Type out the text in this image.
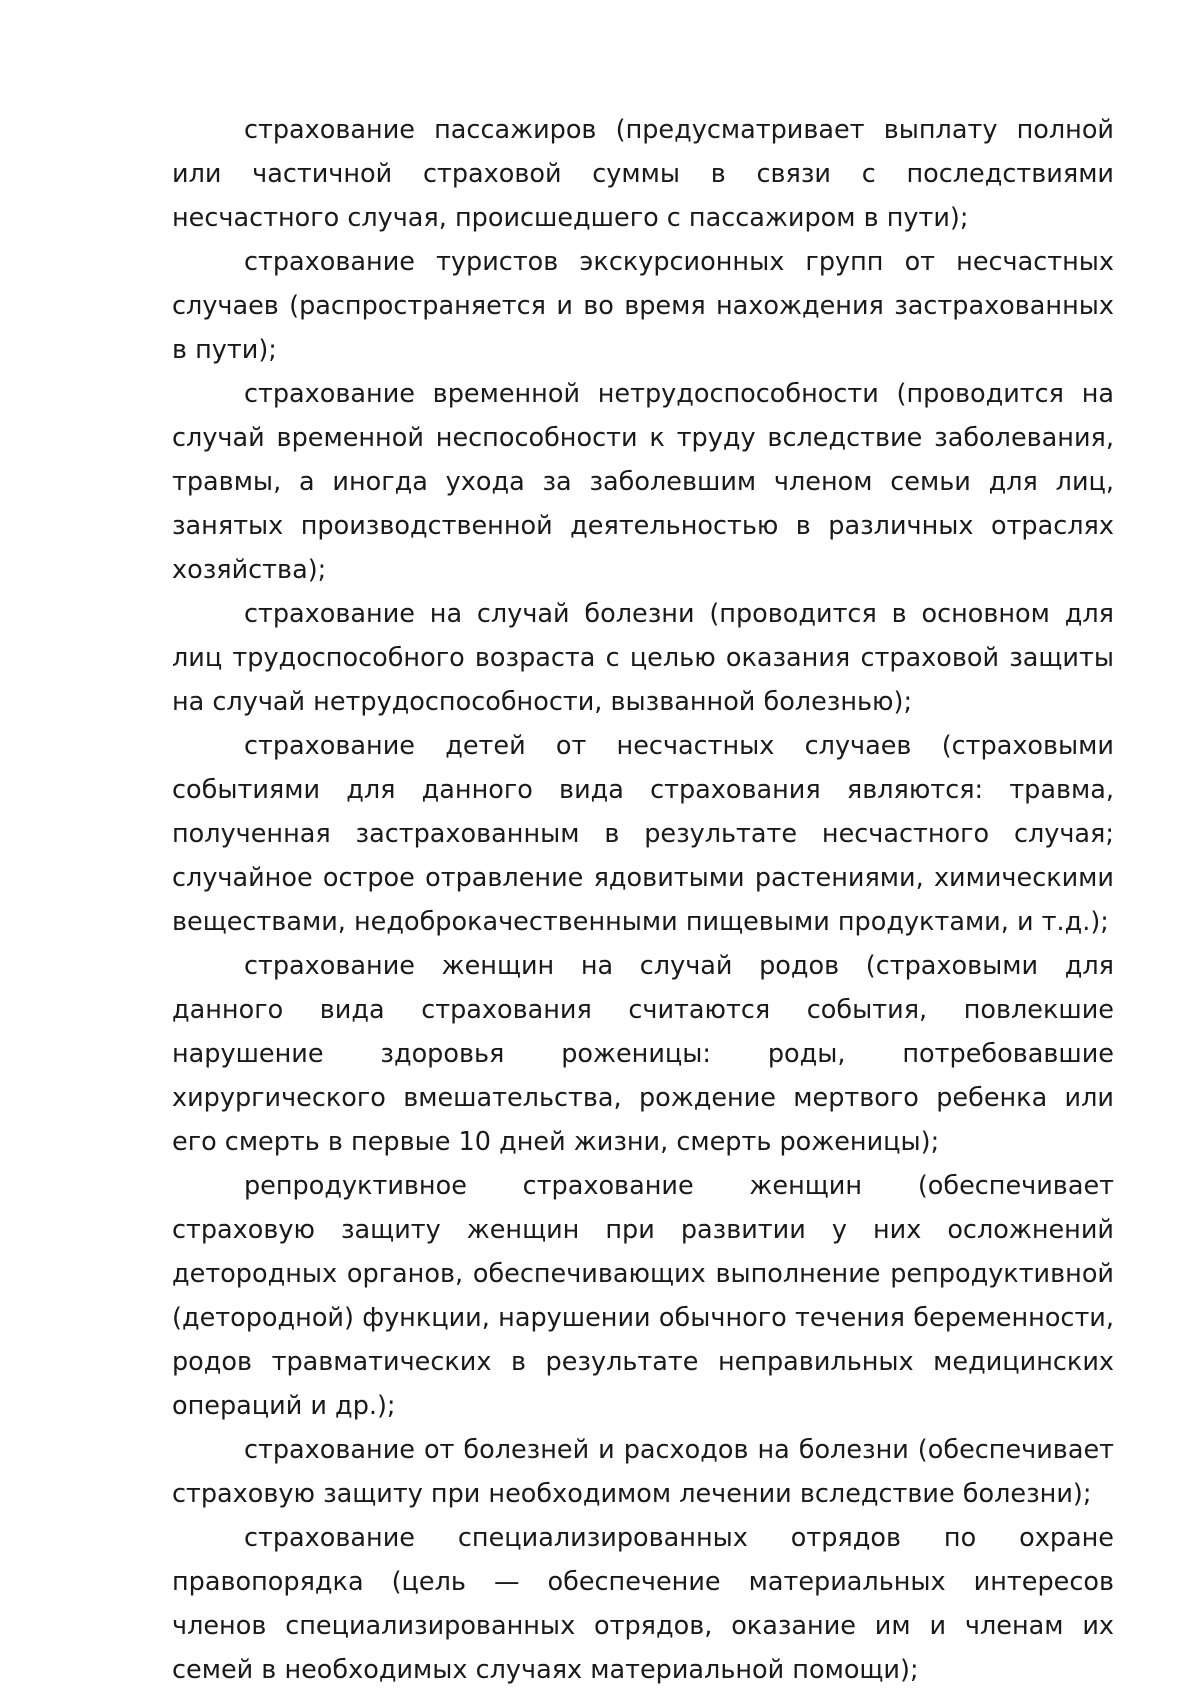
страхование пассажиров (предусматривает выплату полной или частичной страховой суммы в связи с последствиями несчастного случая, происшедшего с пассажиром в пути);

страхование туристов экскурсионных групп от несчастных случаев (распространяется и во время нахождения застрахованных в пути);

страхование временной нетрудоспособности (проводится на случай временной неспособности к труду вследствие заболевания, травмы, а иногда ухода за заболевшим членом семьи для лиц, занятых производственной деятельностью в различных отраслях хозяйства);

страхование на случай болезни (проводится в основном для лиц трудоспособного возраста с целью оказания страховой защиты на случай нетрудоспособности, вызванной болезнью);

страхование детей от несчастных случаев (страховыми событиями для данного вида страхования являются: травма, полученная застрахованным в результате несчастного случая; случайное острое отравление ядовитыми растениями, химическими веществами, недоброкачественными пищевыми продуктами, и т.д.);

страхование женщин на случай родов (страховыми для данного вида страхования считаются события, повлекшие нарушение здоровья роженицы: роды, потребовавшие хирургического вмешательства, рождение мертвого ребенка или его смерть в первые 10 дней жизни, смерть роженицы);

репродуктивное страхование женщин (обеспечивает страховую защиту женщин при развитии у них осложнений детородных органов, обеспечивающих выполнение репродуктивной (детородной) функции, нарушении обычного течения беременности, родов травматических в результате неправильных медицинских операций и др.);

страхование от болезней и расходов на болезни (обеспечивает страховую защиту при необходимом лечении вследствие болезни);

страхование специализированных отрядов по охране правопорядка (цель — обеспечение материальных интересов членов специализированных отрядов, оказание им и членам их семей в необходимых случаях материальной помощи);
